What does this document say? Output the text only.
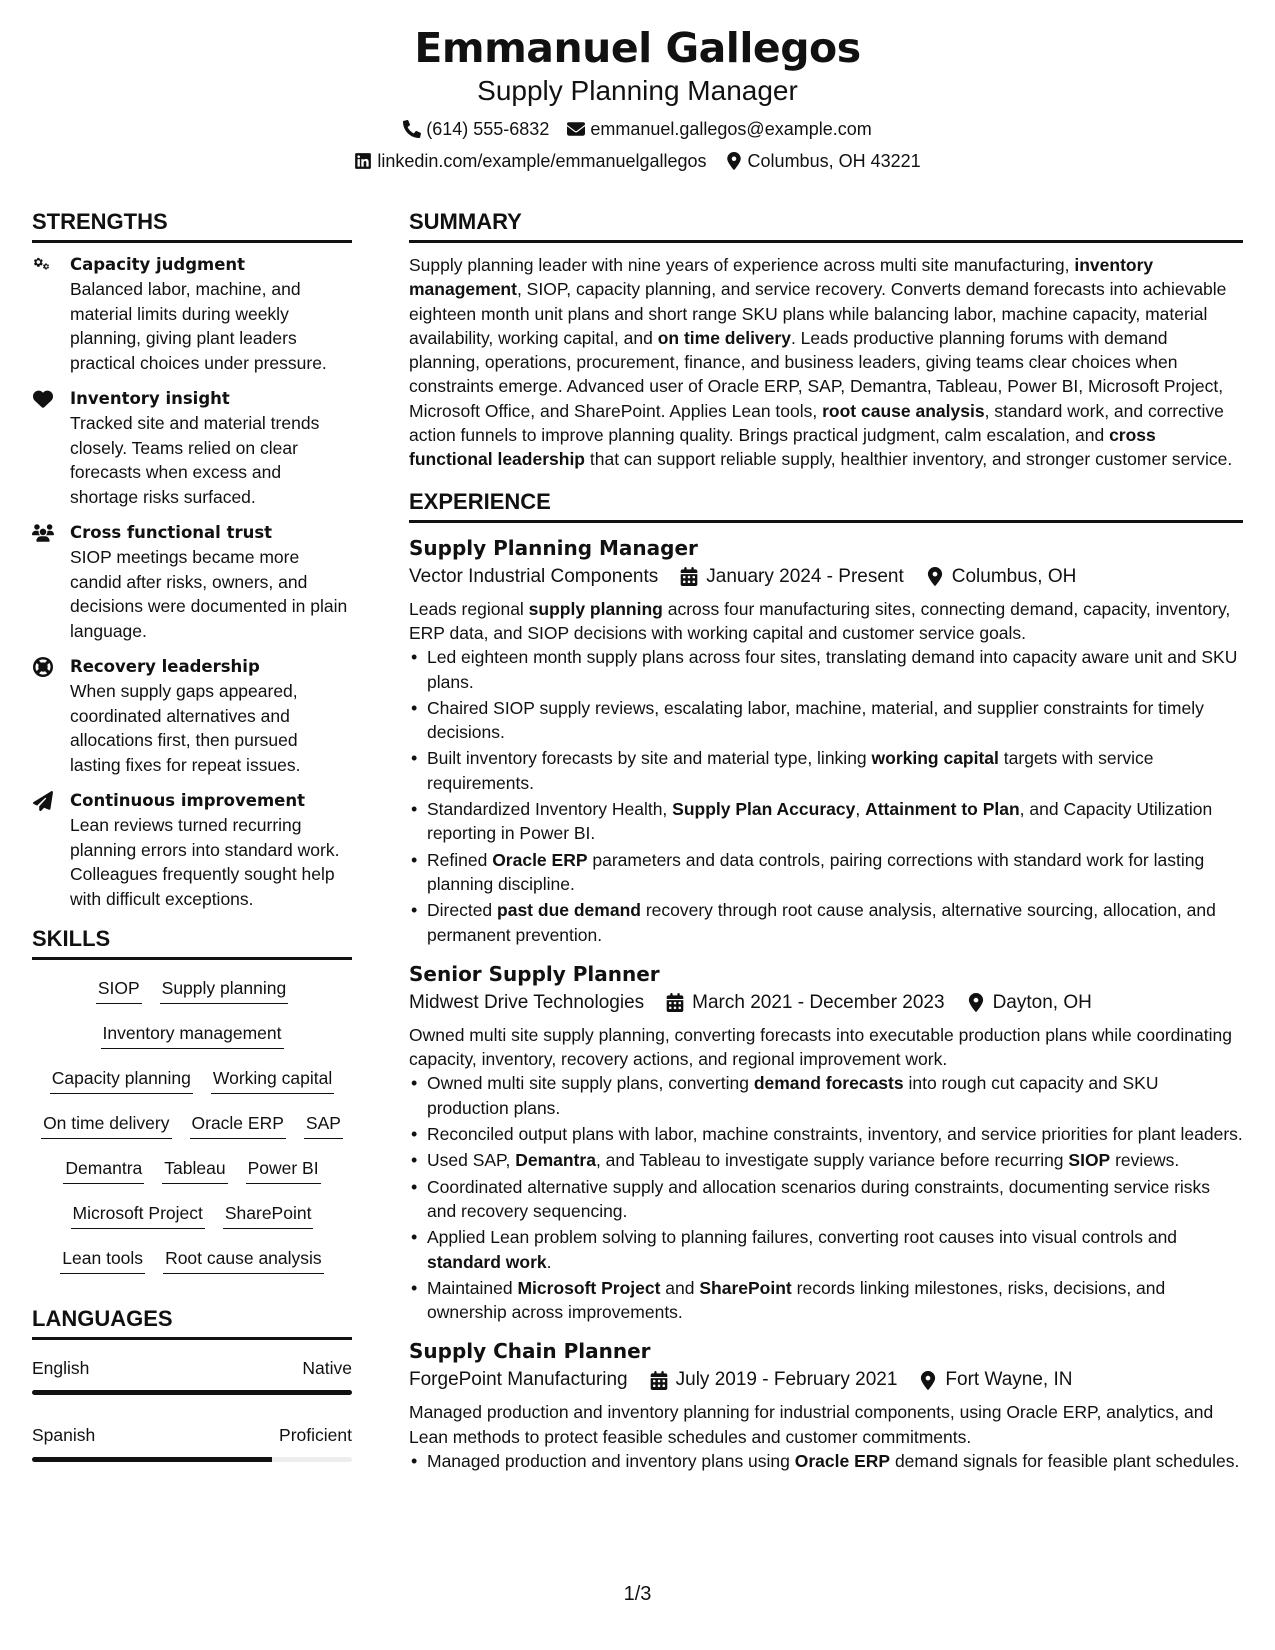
Emmanuel Gallegos
Supply Planning Manager
(614) 555-6832 emmanuel.gallegos@example.com
linkedin.com/example/emmanuelgallegos Columbus, OH 43221
STRENGTHS
Capacity judgment
Balanced labor, machine, and material limits during weekly planning, giving plant leaders practical choices under pressure.
Inventory insight
Tracked site and material trends closely. Teams relied on clear forecasts when excess and shortage risks surfaced.
Cross functional trust
SIOP meetings became more candid after risks, owners, and decisions were documented in plain language.
Recovery leadership
When supply gaps appeared, coordinated alternatives and allocations first, then pursued lasting fixes for repeat issues.
Continuous improvement
Lean reviews turned recurring planning errors into standard work. Colleagues frequently sought help with difficult exceptions.
SKILLS
SIOP Supply planning
Inventory management
Capacity planning Working capital
On time delivery Oracle ERP SAP
Demantra Tableau Power BI
Microsoft Project SharePoint
Lean tools Root cause analysis
LANGUAGES
English	Native
Spanish	Proficient
SUMMARY
Supply planning leader with nine years of experience across multi site manufacturing, inventory management, SIOP, capacity planning, and service recovery. Converts demand forecasts into achievable eighteen month unit plans and short range SKU plans while balancing labor, machine capacity, material availability, working capital, and on time delivery. Leads productive planning forums with demand planning, operations, procurement, finance, and business leaders, giving teams clear choices when constraints emerge. Advanced user of Oracle ERP, SAP, Demantra, Tableau, Power BI, Microsoft Project, Microsoft Office, and SharePoint. Applies Lean tools, root cause analysis, standard work, and corrective action funnels to improve planning quality. Brings practical judgment, calm escalation, and cross functional leadership that can support reliable supply, healthier inventory, and stronger customer service.
EXPERIENCE
Supply Planning Manager
Vector Industrial Components	January 2024 - Present	Columbus, OH
Leads regional supply planning across four manufacturing sites, connecting demand, capacity, inventory, ERP data, and SIOP decisions with working capital and customer service goals.
• Led eighteen month supply plans across four sites, translating demand into capacity aware unit and SKU plans.
• Chaired SIOP supply reviews, escalating labor, machine, material, and supplier constraints for timely decisions.
• Built inventory forecasts by site and material type, linking working capital targets with service requirements.
• Standardized Inventory Health, Supply Plan Accuracy, Attainment to Plan, and Capacity Utilization reporting in Power BI.
• Refined Oracle ERP parameters and data controls, pairing corrections with standard work for lasting planning discipline.
• Directed past due demand recovery through root cause analysis, alternative sourcing, allocation, and permanent prevention.
Senior Supply Planner
Midwest Drive Technologies	March 2021 - December 2023	Dayton, OH
Owned multi site supply planning, converting forecasts into executable production plans while coordinating capacity, inventory, recovery actions, and regional improvement work.
• Owned multi site supply plans, converting demand forecasts into rough cut capacity and SKU production plans.
• Reconciled output plans with labor, machine constraints, inventory, and service priorities for plant leaders.
• Used SAP, Demantra, and Tableau to investigate supply variance before recurring SIOP reviews.
• Coordinated alternative supply and allocation scenarios during constraints, documenting service risks and recovery sequencing.
• Applied Lean problem solving to planning failures, converting root causes into visual controls and standard work.
• Maintained Microsoft Project and SharePoint records linking milestones, risks, decisions, and ownership across improvements.
Supply Chain Planner
ForgePoint Manufacturing	July 2019 - February 2021	Fort Wayne, IN
Managed production and inventory planning for industrial components, using Oracle ERP, analytics, and Lean methods to protect feasible schedules and customer commitments.
• Managed production and inventory plans using Oracle ERP demand signals for feasible plant schedules.
1/3
